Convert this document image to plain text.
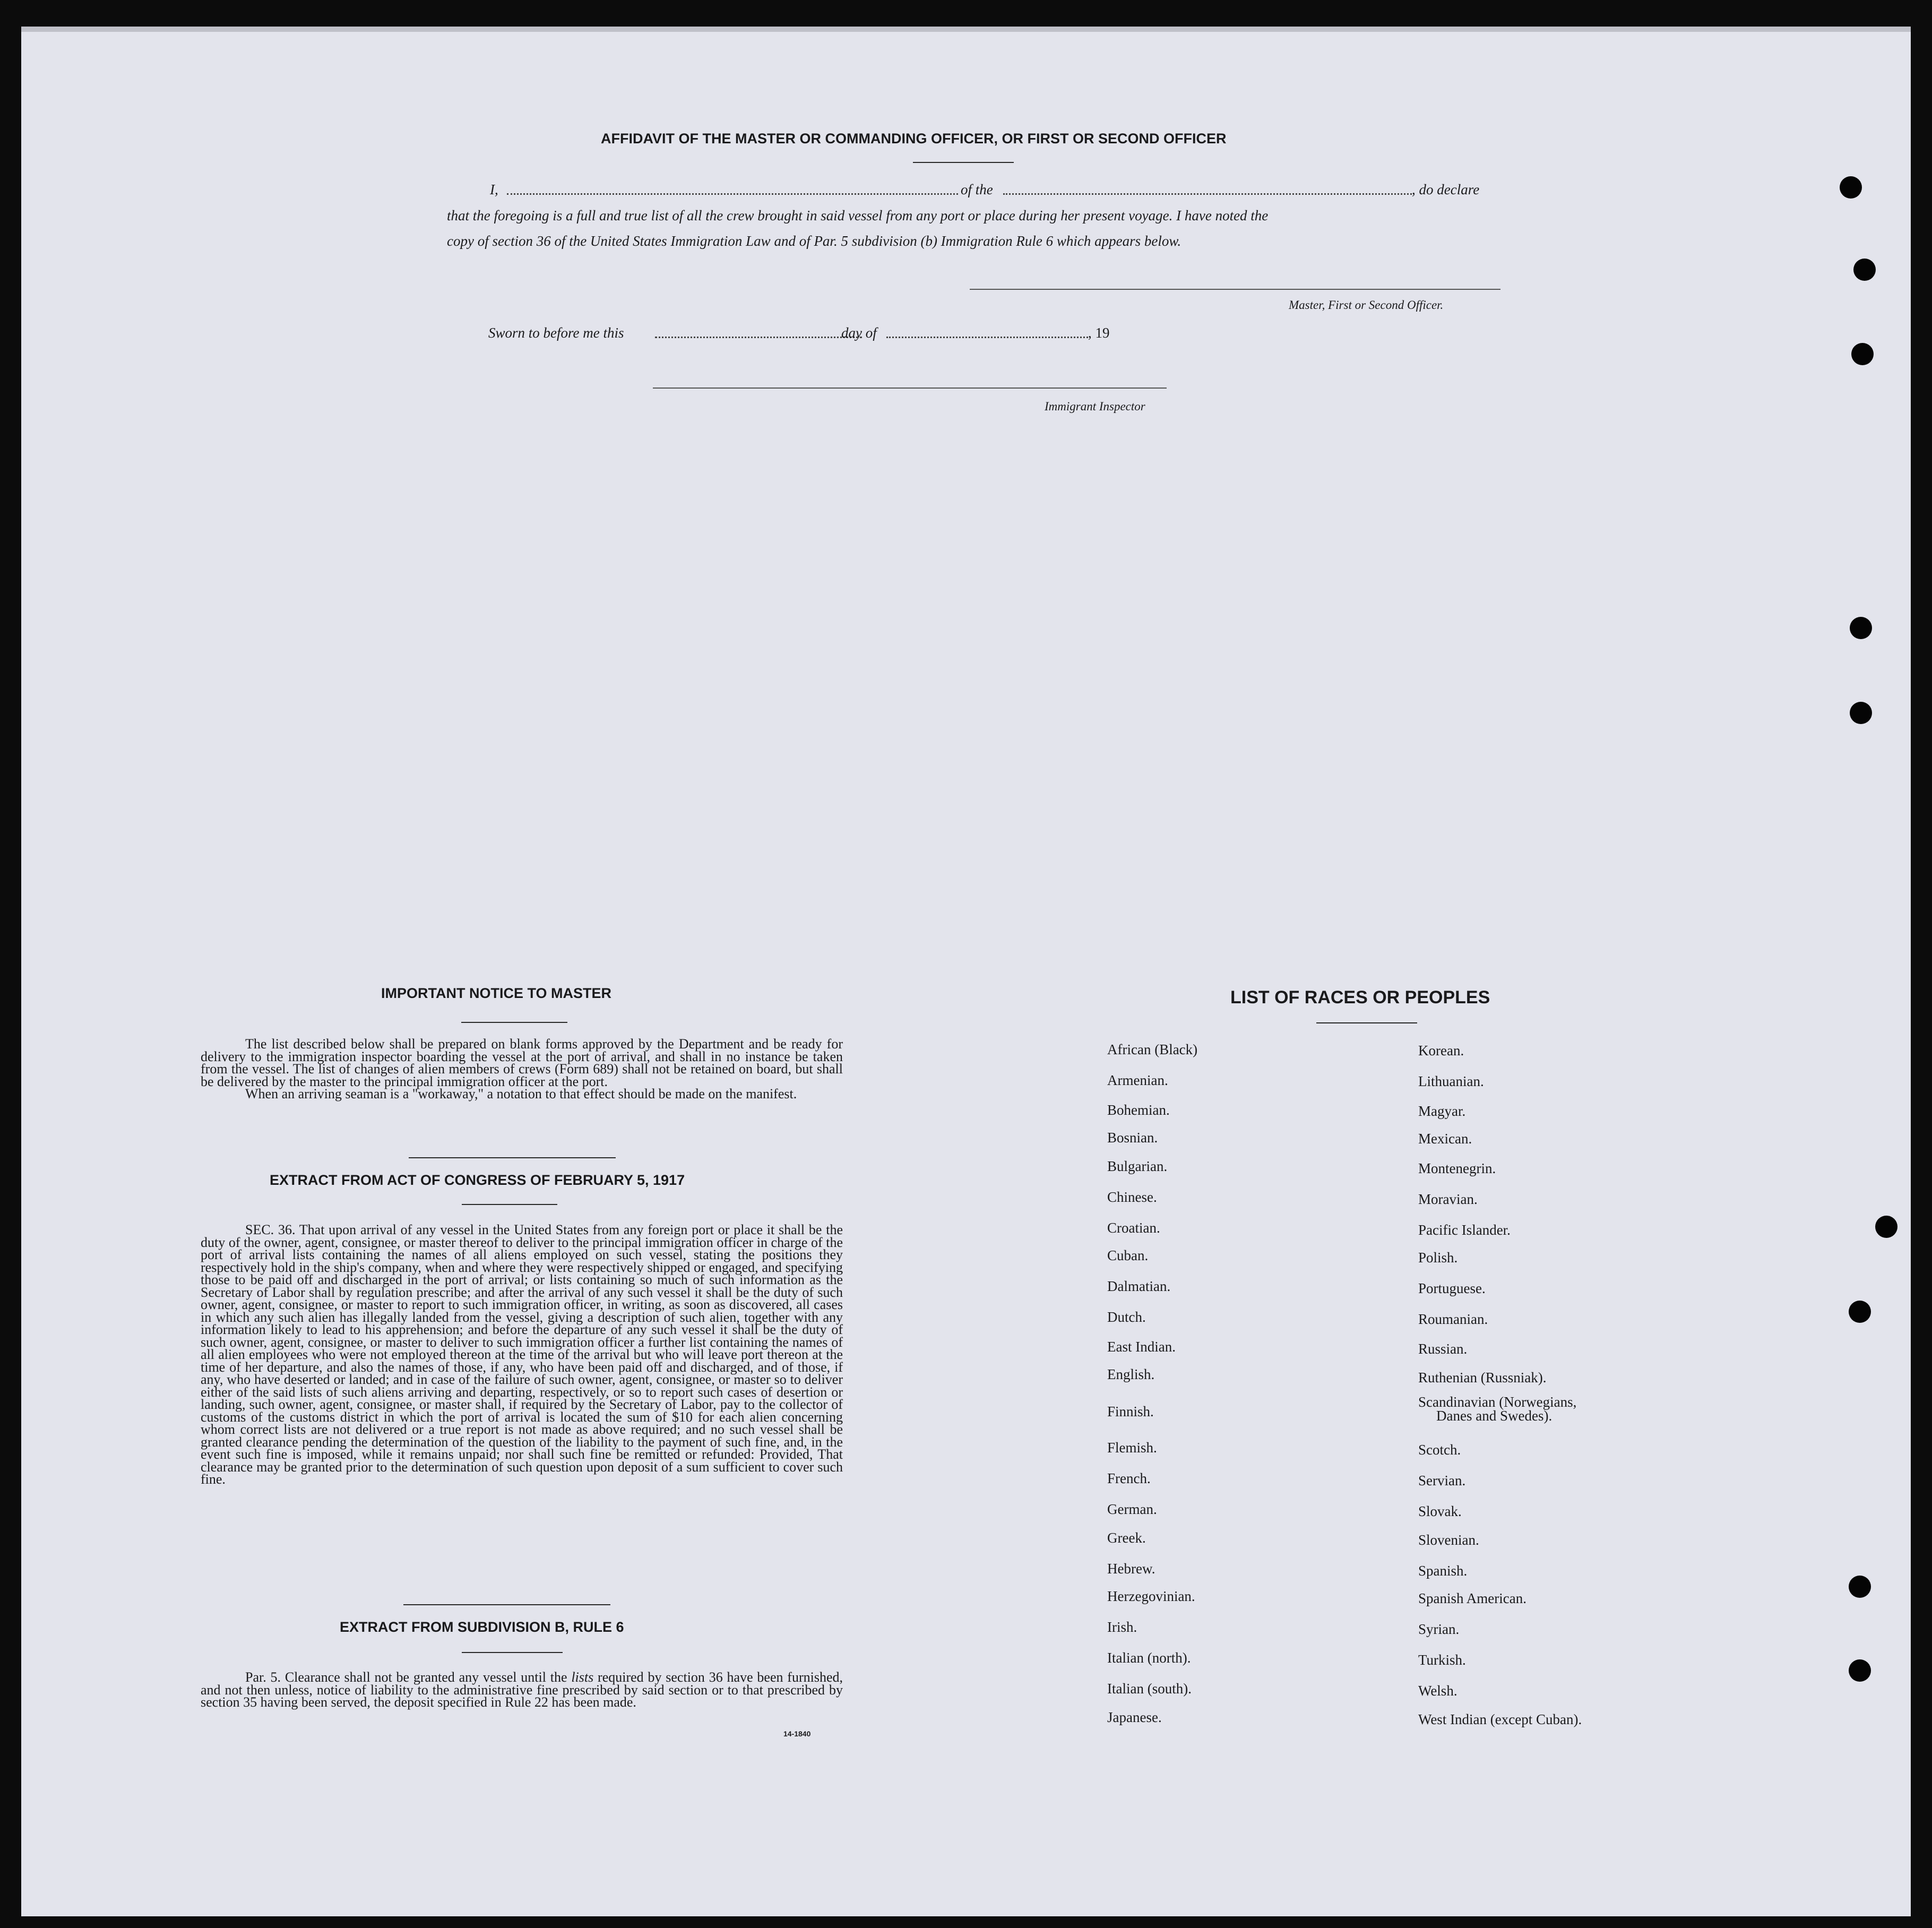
AFFIDAVIT OF THE MASTER OR COMMANDING OFFICER, OR FIRST OR SECOND OFFICER
I,	of the	, do declare
that the foregoing is a full and true list of all the crew brought in said vessel from any port or place during her present voyage. I have noted the
copy of section 36 of the United States Immigration Law and of Par. 5 subdivision (b) Immigration Rule 6 which appears below.
Master, First or Second Officer.
Sworn to before me this	day of	, 19
Immigrant Inspector
IMPORTANT NOTICE TO MASTER

The list described below shall be prepared on blank forms approved by the Department and be ready for delivery to the immigration inspector boarding the vessel at the port of arrival, and shall in no instance be taken from the vessel. The list of changes of alien members of crews (Form 689) shall not be retained on board, but shall be delivered by the master to the principal immigration officer at the port.

When an arriving seaman is a "workaway," a notation to that effect should be made on the manifest.

EXTRACT FROM ACT OF CONGRESS OF FEBRUARY 5, 1917

SEC. 36. That upon arrival of any vessel in the United States from any foreign port or place it shall be the duty of the owner, agent, consignee, or master thereof to deliver to the principal immigration officer in charge of the port of arrival lists containing the names of all aliens employed on such vessel, stating the positions they respectively hold in the ship's company, when and where they were respectively shipped or engaged, and specifying those to be paid off and discharged in the port of arrival; or lists containing so much of such information as the Secretary of Labor shall by regulation prescribe; and after the arrival of any such vessel it shall be the duty of such owner, agent, consignee, or master to report to such immigration officer, in writing, as soon as discovered, all cases in which any such alien has illegally landed from the vessel, giving a description of such alien, together with any information likely to lead to his apprehension; and before the departure of any such vessel it shall be the duty of such owner, agent, consignee, or master to deliver to such immigration officer a further list containing the names of all alien employees who were not employed thereon at the time of the arrival but who will leave port thereon at the time of her departure, and also the names of those, if any, who have been paid off and discharged, and of those, if any, who have deserted or landed; and in case of the failure of such owner, agent, consignee, or master so to deliver either of the said lists of such aliens arriving and departing, respectively, or so to report such cases of desertion or landing, such owner, agent, consignee, or master shall, if required by the Secretary of Labor, pay to the collector of customs of the customs district in which the port of arrival is located the sum of $10 for each alien concerning whom correct lists are not delivered or a true report is not made as above required; and no such vessel shall be granted clearance pending the determination of the question of the liability to the payment of such fine, and, in the event such fine is imposed, while it remains unpaid; nor shall such fine be remitted or refunded: Provided, That clearance may be granted prior to the determination of such question upon deposit of a sum sufficient to cover such fine.

EXTRACT FROM SUBDIVISION B, RULE 6

Par. 5. Clearance shall not be granted any vessel until the lists required by section 36 have been furnished, and not then unless, notice of liability to the administrative fine prescribed by said section or to that prescribed by section 35 having been served, the deposit specified in Rule 22 has been made.

14-1840
LIST OF RACES OR PEOPLES
African (Black)
Armenian.
Bohemian.
Bosnian.
Bulgarian.
Chinese.
Croatian.
Cuban.
Dalmatian.
Dutch.
East Indian.
English.
Finnish.
Flemish.
French.
German.
Greek.
Hebrew.
Herzegovinian.
Irish.
Italian (north).
Italian (south).
Japanese.
Korean.
Lithuanian.
Magyar.
Mexican.
Montenegrin.
Moravian.
Pacific Islander.
Polish.
Portuguese.
Roumanian.
Russian.
Ruthenian (Russniak).
Scandinavian (Norwegians,
Danes and Swedes).
Scotch.
Servian.
Slovak.
Slovenian.
Spanish.
Spanish American.
Syrian.
Turkish.
Welsh.
West Indian (except Cuban).
